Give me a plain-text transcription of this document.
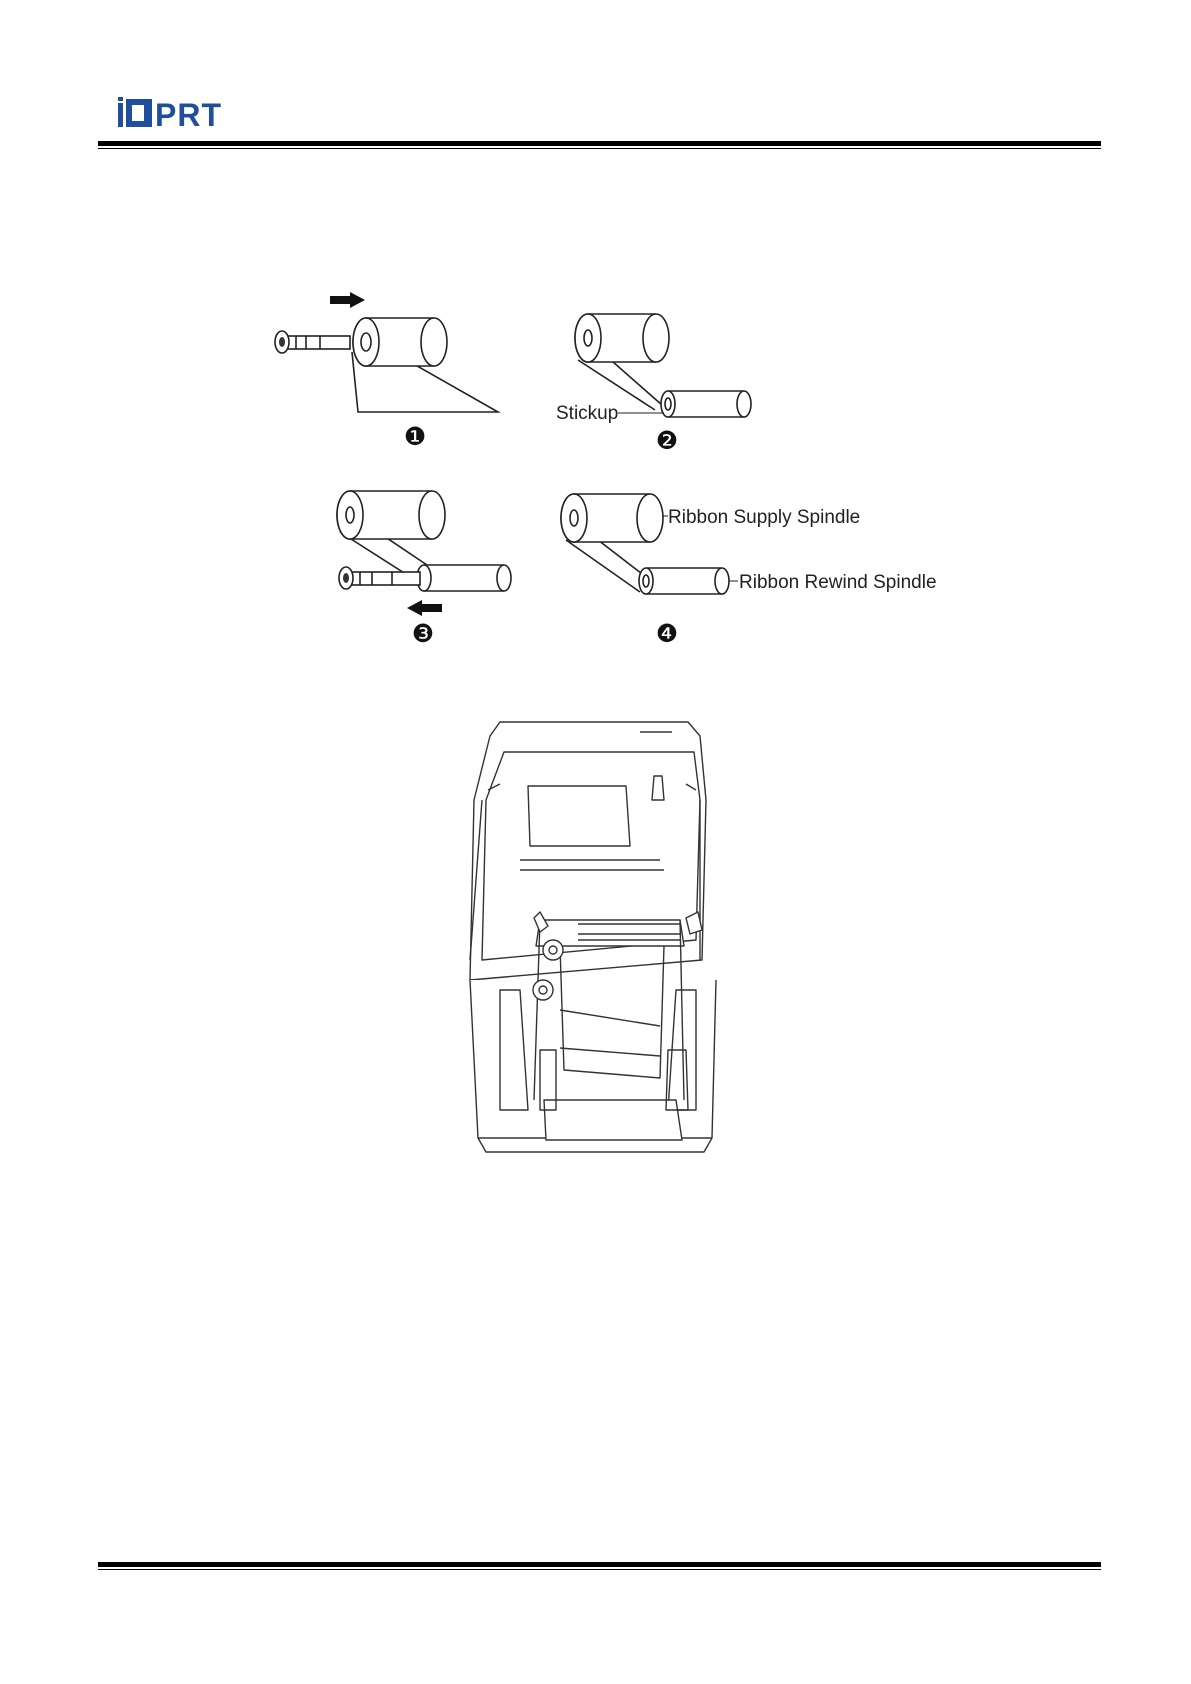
PRT
Stickup
Ribbon Supply Spindle
Ribbon Rewind Spindle
❶	❷
❸	❹
